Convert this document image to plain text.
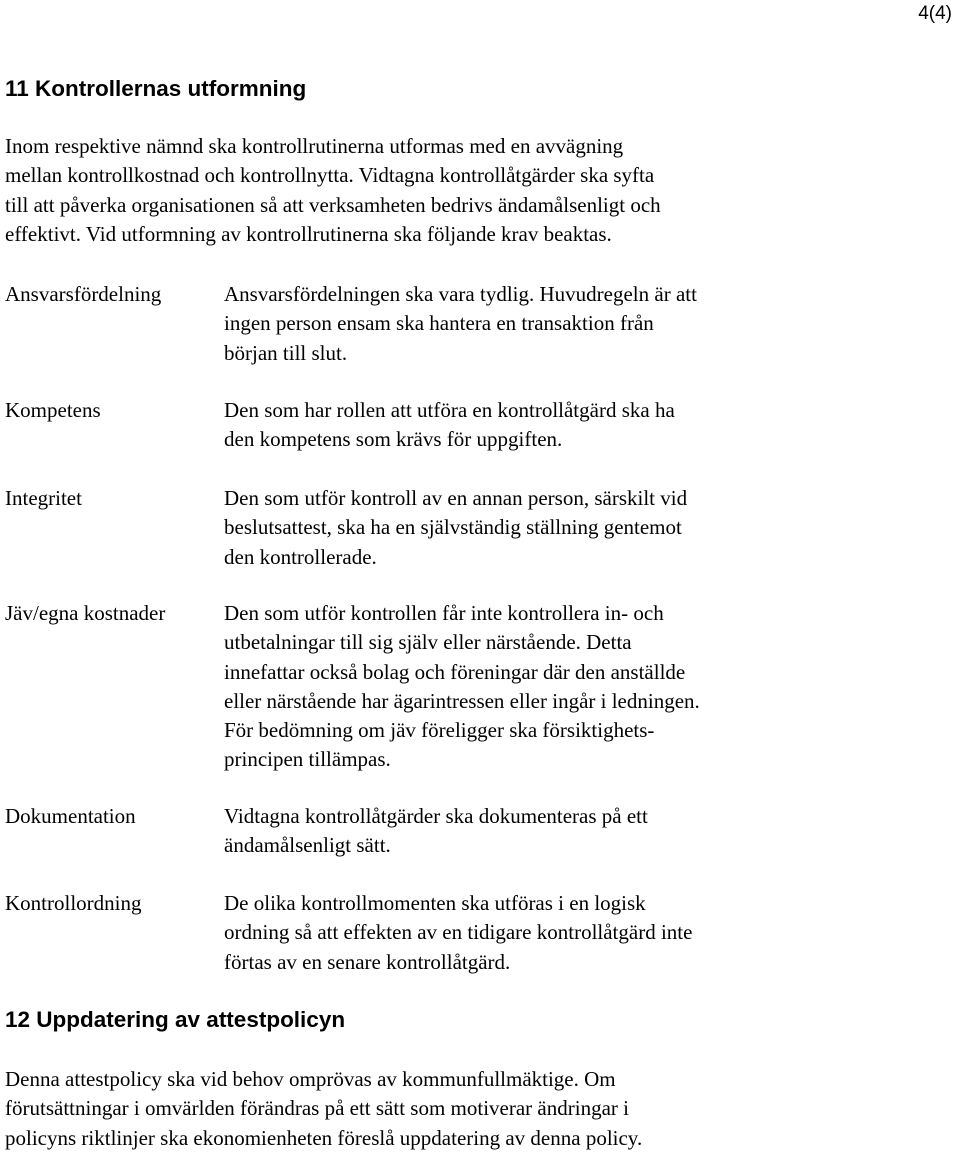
4(4)
11 Kontrollernas utformning

Inom respektive nämnd ska kontrollrutinerna utformas med en avvägning
mellan kontrollkostnad och kontrollnytta. Vidtagna kontrollåtgärder ska syfta
till att påverka organisationen så att verksamheten bedrivs ändamålsenligt och
effektivt. Vid utformning av kontrollrutinerna ska följande krav beaktas.

Ansvarsfördelning	Ansvarsfördelningen ska vara tydlig. Huvudregeln är att
ingen person ensam ska hantera en transaktion från
början till slut.
Kompetens	Den som har rollen att utföra en kontrollåtgärd ska ha
den kompetens som krävs för uppgiften.
Integritet	Den som utför kontroll av en annan person, särskilt vid
beslutsattest, ska ha en självständig ställning gentemot
den kontrollerade.
Jäv/egna kostnader	Den som utför kontrollen får inte kontrollera in- och
utbetalningar till sig själv eller närstående. Detta
innefattar också bolag och föreningar där den anställde
eller närstående har ägarintressen eller ingår i ledningen.
För bedömning om jäv föreligger ska försiktighets-
principen tillämpas.
Dokumentation	Vidtagna kontrollåtgärder ska dokumenteras på ett
ändamålsenligt sätt.
Kontrollordning	De olika kontrollmomenten ska utföras i en logisk
ordning så att effekten av en tidigare kontrollåtgärd inte
förtas av en senare kontrollåtgärd.
12 Uppdatering av attestpolicyn

Denna attestpolicy ska vid behov omprövas av kommunfullmäktige. Om
förutsättningar i omvärlden förändras på ett sätt som motiverar ändringar i
policyns riktlinjer ska ekonomienheten föreslå uppdatering av denna policy.
